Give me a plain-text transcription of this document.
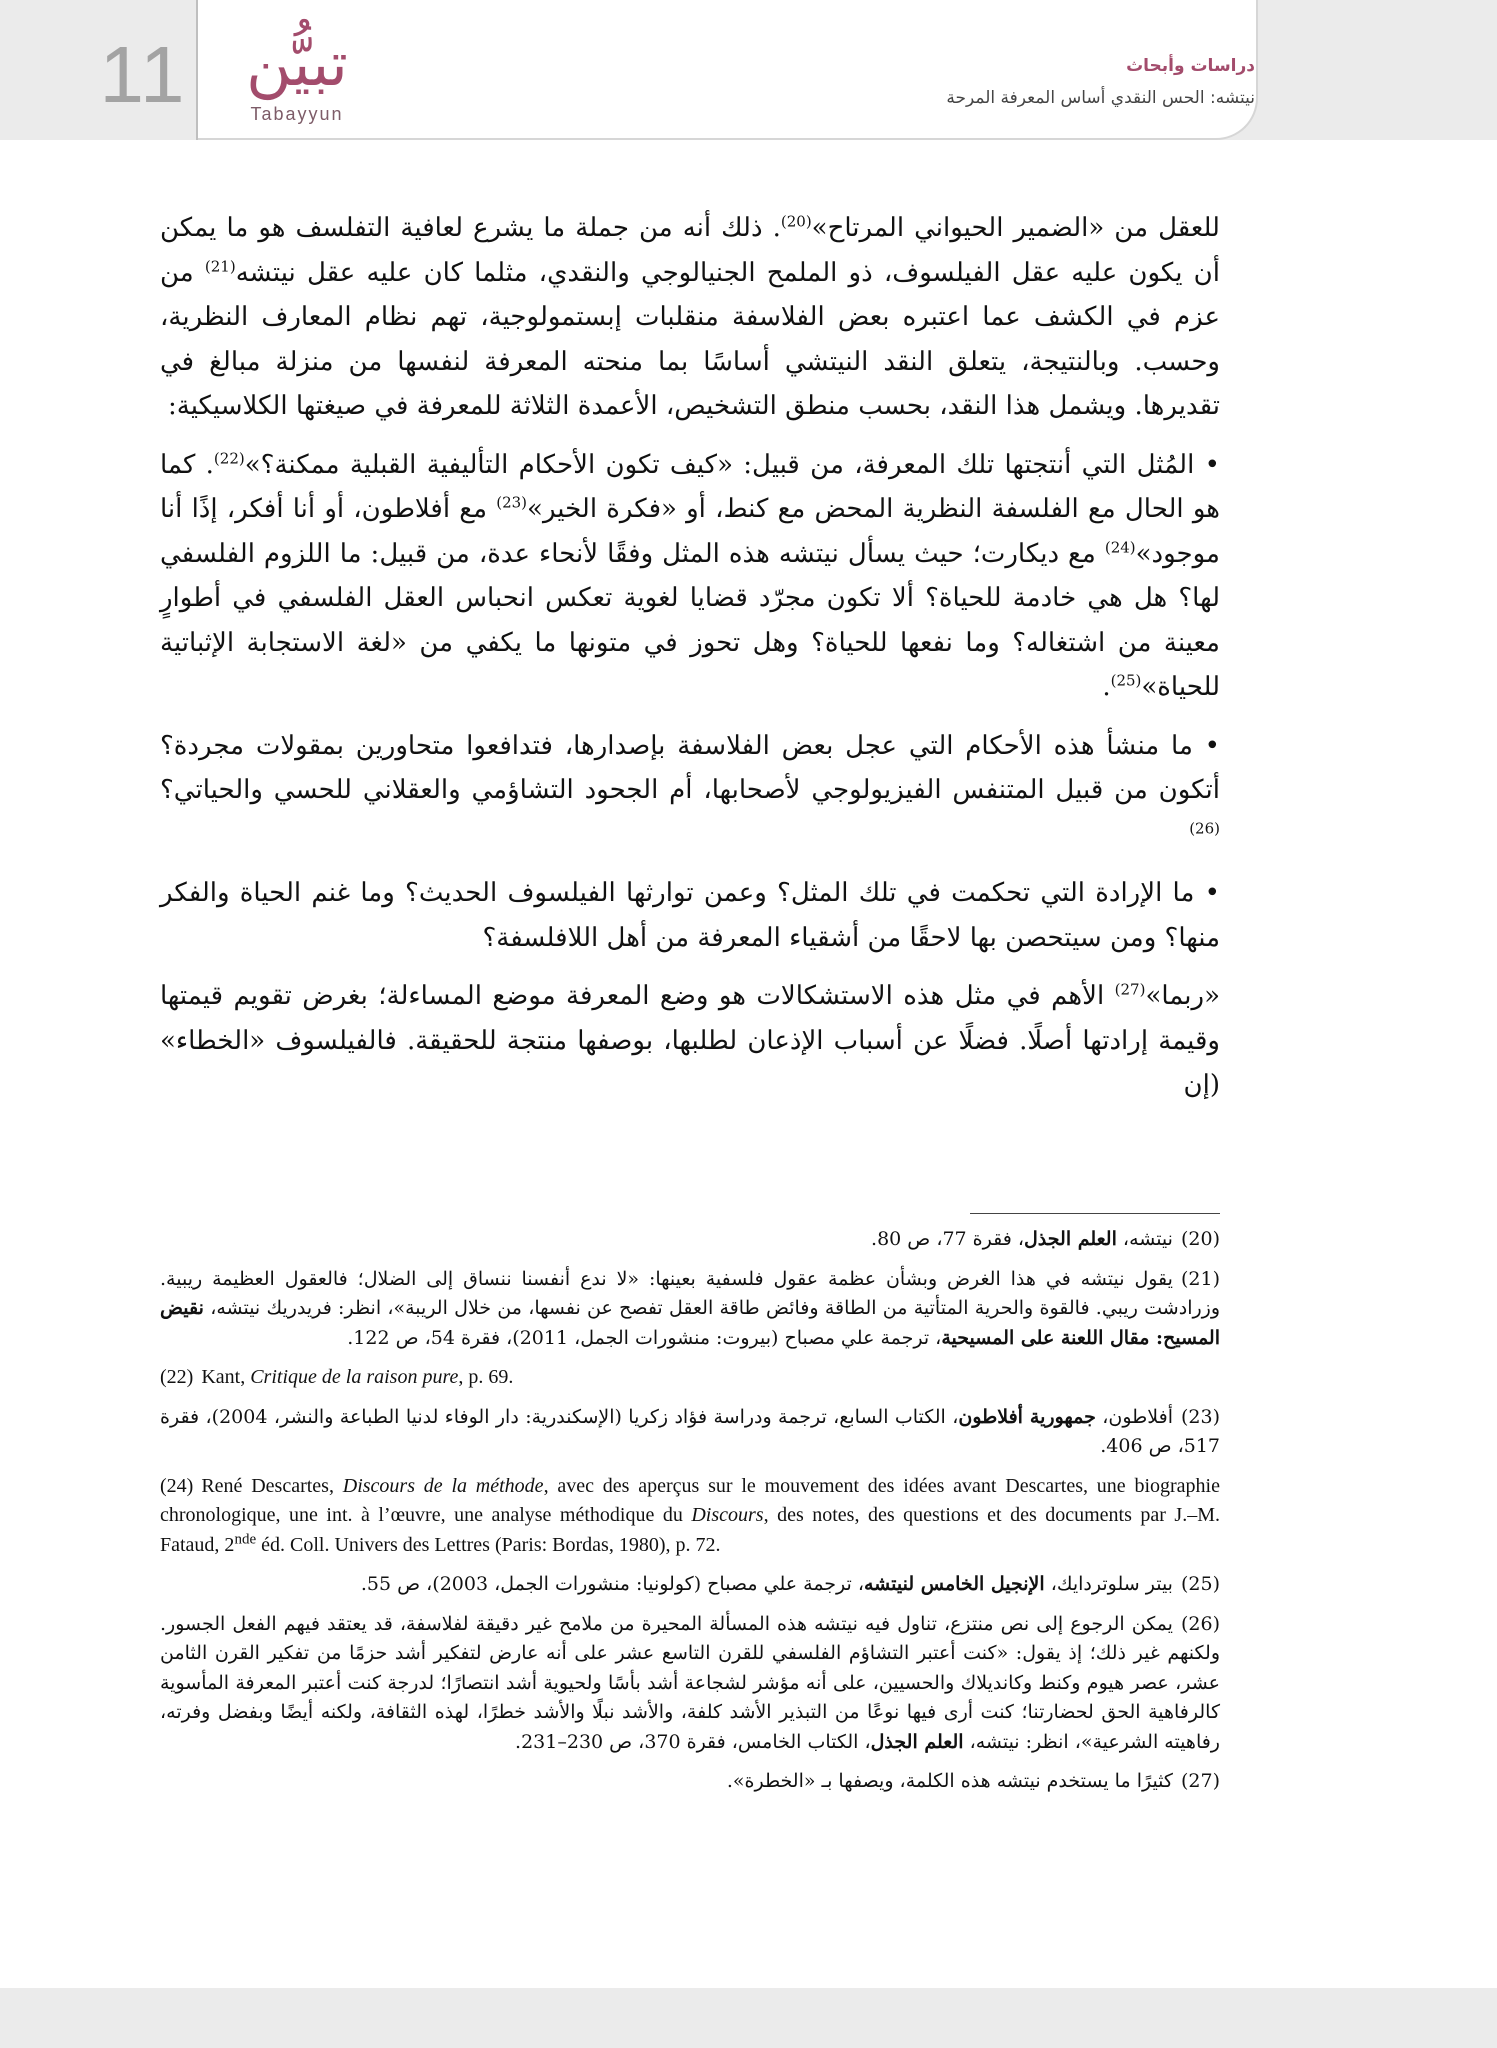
11 تبيُّن
Tabayyun
دراسات وأبحاث
نيتشه: الحس النقدي أساس المعرفة المرحة

للعقل من «الضمير الحيواني المرتاح»$^{(20)}$. ذلك أنه من جملة ما يشرع لعافية التفلسف هو ما يمكن أن يكون عليه عقل الفيلسوف، ذو الملمح الجنيالوجي والنقدي، مثلما كان عليه عقل نيتشه$^{(21)}$ من عزم في الكشف عما اعتبره بعض الفلاسفة منقلبات إبستمولوجية، تهم نظام المعارف النظرية، وحسب. وبالنتيجة، يتعلق النقد النيتشي أساسًا بما منحته المعرفة لنفسها من منزلة مبالغ في تقديرها. ويشمل هذا النقد، بحسب منطق التشخيص، الأعمدة الثلاثة للمعرفة في صيغتها الكلاسيكية:

• المُثل التي أنتجتها تلك المعرفة، من قبيل: «كيف تكون الأحكام التأليفية القبلية ممكنة؟»$^{(22)}$. كما هو الحال مع الفلسفة النظرية المحض مع كنط، أو «فكرة الخير»$^{(23)}$ مع أفلاطون، أو أنا أفكر، إذًا أنا موجود»$^{(24)}$ مع ديكارت؛ حيث يسأل نيتشه هذه المثل وفقًا لأنحاء عدة، من قبيل: ما اللزوم الفلسفي لها؟ هل هي خادمة للحياة؟ ألا تكون مجرّد قضايا لغوية تعكس انحباس العقل الفلسفي في أطوارٍ معينة من اشتغاله؟ وما نفعها للحياة؟ وهل تحوز في متونها ما يكفي من «لغة الاستجابة الإثباتية للحياة»$^{(25)}$.

• ما منشأ هذه الأحكام التي عجل بعض الفلاسفة بإصدارها، فتدافعوا متحاورين بمقولات مجردة؟ أتكون من قبيل المتنفس الفيزيولوجي لأصحابها، أم الجحود التشاؤمي والعقلاني للحسي والحياتي؟$^{(26)}$

• ما الإرادة التي تحكمت في تلك المثل؟ وعمن توارثها الفيلسوف الحديث؟ وما غنم الحياة والفكر منها؟ ومن سيتحصن بها لاحقًا من أشقياء المعرفة من أهل اللافلسفة؟

«ربما»$^{(27)}$ الأهم في مثل هذه الاستشكالات هو وضع المعرفة موضع المساءلة؛ بغرض تقويم قيمتها وقيمة إرادتها أصلًا. فضلًا عن أسباب الإذعان لطلبها، بوصفها منتجة للحقيقة. فالفيلسوف «الخطاء» (إن

(20)نيتشه، العلم الجذل، فقرة 77، ص 80.
(21)يقول نيتشه في هذا الغرض وبشأن عظمة عقول فلسفية بعينها: «لا ندع أنفسنا ننساق إلى الضلال؛ فالعقول العظيمة ريبية. وزرادشت ريبي. فالقوة والحرية المتأتية من الطاقة وفائض طاقة العقل تفصح عن نفسها، من خلال الريبة»، انظر: فريدريك نيتشه، نقيض المسيح: مقال اللعنة على المسيحية، ترجمة علي مصباح (بيروت: منشورات الجمل، 2011)، فقرة 54، ص 122.
(22) Kant, Critique de la raison pure, p. 69.
(23)أفلاطون، جمهورية أفلاطون، الكتاب السابع، ترجمة ودراسة فؤاد زكريا (الإسكندرية: دار الوفاء لدنيا الطباعة والنشر، 2004)، فقرة 517، ص 406.
(24) René Descartes, Discours de la méthode, avec des aperçus sur le mouvement des idées avant Descartes, une biographie chronologique, une int. à l’œuvre, une analyse méthodique du Discours, des notes, des questions et des documents par J.–M. Fataud, 2nde éd. Coll. Univers des Lettres (Paris: Bordas, 1980), p. 72.
(25)بيتر سلوتردايك، الإنجيل الخامس لنيتشه، ترجمة علي مصباح (كولونيا: منشورات الجمل، 2003)، ص 55.
(26)يمكن الرجوع إلى نص منتزع، تناول فيه نيتشه هذه المسألة المحيرة من ملامح غير دقيقة لفلاسفة، قد يعتقد فيهم الفعل الجسور. ولكنهم غير ذلك؛ إذ يقول: «كنت أعتبر التشاؤم الفلسفي للقرن التاسع عشر على أنه عارض لتفكير أشد حزمًا من تفكير القرن الثامن عشر، عصر هيوم وكنط وكانديلاك والحسيين، على أنه مؤشر لشجاعة أشد بأسًا ولحيوية أشد انتصارًا؛ لدرجة كنت أعتبر المعرفة المأسوية كالرفاهية الحق لحضارتنا؛ كنت أرى فيها نوعًا من التبذير الأشد كلفة، والأشد نبلًا والأشد خطرًا، لهذه الثقافة، ولكنه أيضًا وبفضل وفرته، رفاهيته الشرعية»، انظر: نيتشه، العلم الجذل، الكتاب الخامس، فقرة 370، ص 230–231.
(27)كثيرًا ما يستخدم نيتشه هذه الكلمة، ويصفها بـ «الخطرة».
